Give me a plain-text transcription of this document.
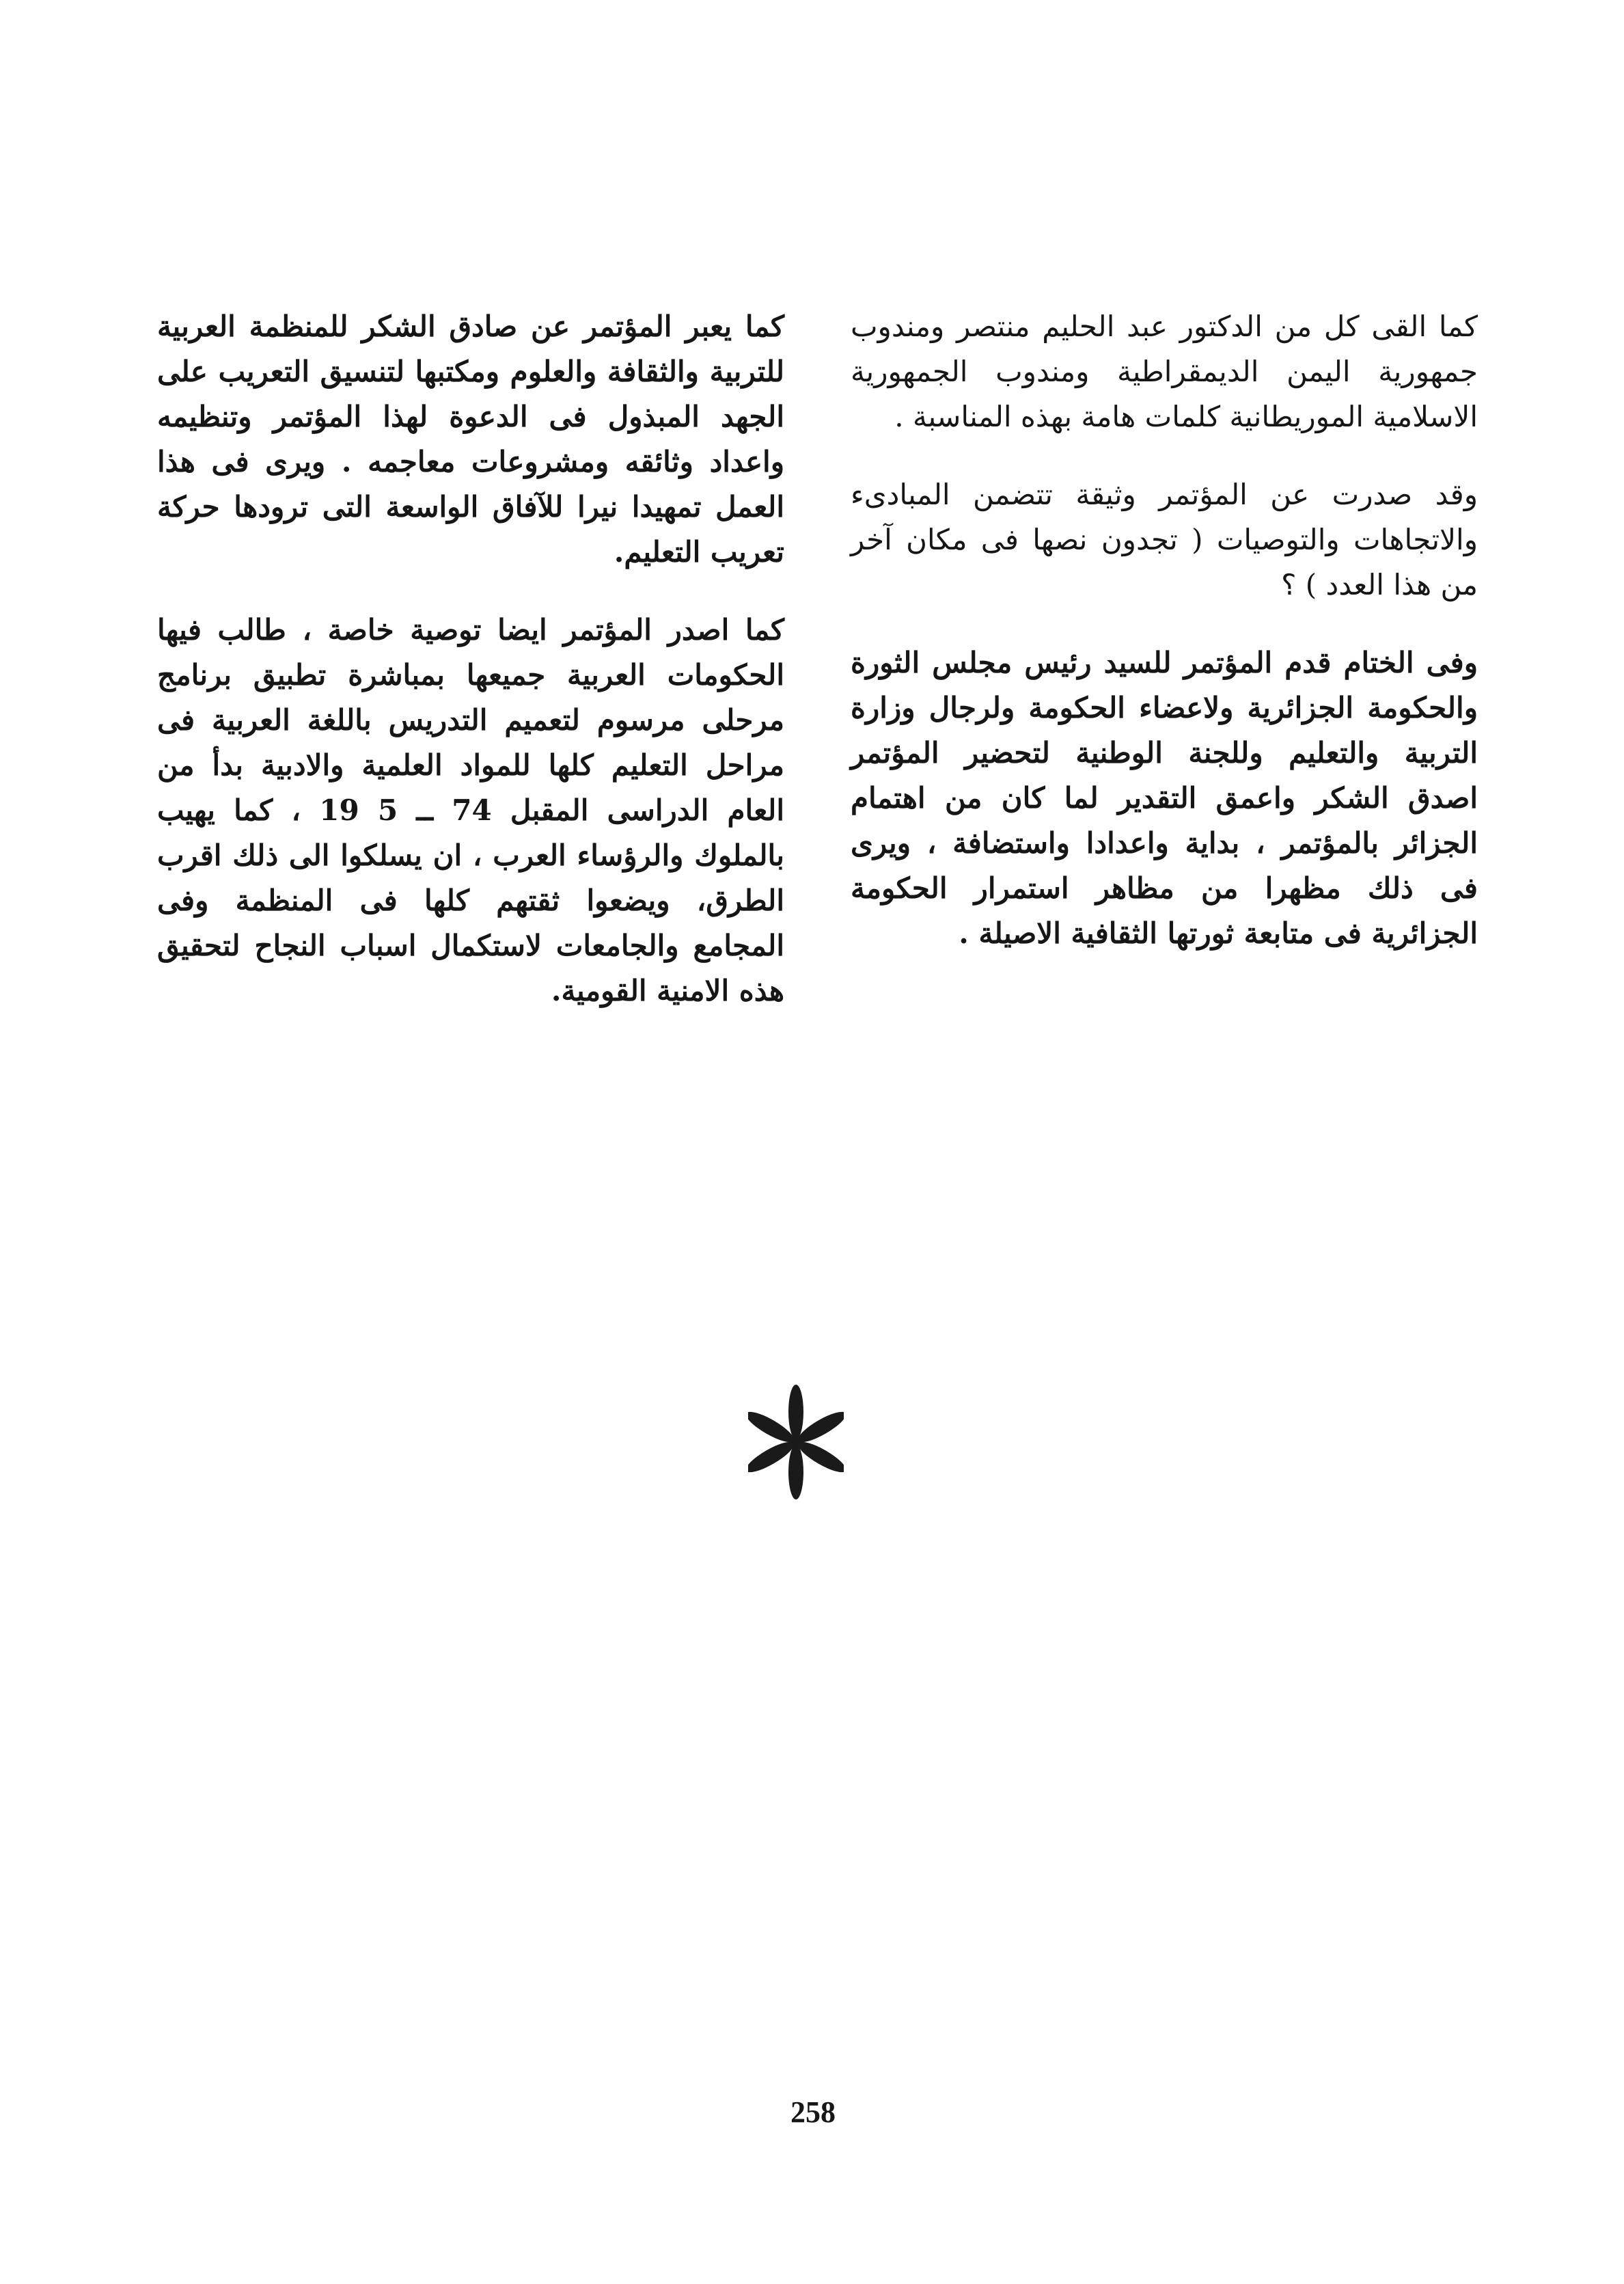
كما القى كل من الدكتور عبد الحليم منتصر ومندوب جمهورية اليمن الديمقراطية ومندوب الجمهورية الاسلامية الموريطانية كلمات هامة بهذه المناسبة .

وقد صدرت عن المؤتمر وثيقة تتضمن المبادىء والاتجاهات والتوصيات ( تجدون نصها فى مكان آخر من هذا العدد ) ؟

وفى الختام قدم المؤتمر للسيد رئيس مجلس الثورة والحكومة الجزائرية ولاعضاء الحكومة ولرجال وزارة التربية والتعليم وللجنة الوطنية لتحضير المؤتمر اصدق الشكر واعمق التقدير لما كان من اهتمام الجزائر بالمؤتمر ، بداية واعدادا واستضافة ، ويرى فى ذلك مظهرا من مظاهر استمرار الحكومة الجزائرية فى متابعة ثورتها الثقافية الاصيلة .

كما يعبر المؤتمر عن صادق الشكر للمنظمة العربية للتربية والثقافة والعلوم ومكتبها لتنسيق التعريب على الجهد المبذول فى الدعوة لهذا المؤتمر وتنظيمه واعداد وثائقه ومشروعات معاجمه . ويرى فى هذا العمل تمهيدا نيرا للآفاق الواسعة التى ترودها حركة تعريب التعليم.

كما اصدر المؤتمر ايضا توصية خاصة ، طالب فيها الحكومات العربية جميعها بمباشرة تطبيق برنامج مرحلى مرسوم لتعميم التدريس باللغة العربية فى مراحل التعليم كلها للمواد العلمية والادبية بدأ من العام الدراسى المقبل 74 ــ 5 19 ، كما يهيب بالملوك والرؤساء العرب ، ان يسلكوا الى ذلك اقرب الطرق، ويضعوا ثقتهم كلها فى المنظمة وفى المجامع والجامعات لاستكمال اسباب النجاح لتحقيق هذه الامنية القومية.

258
